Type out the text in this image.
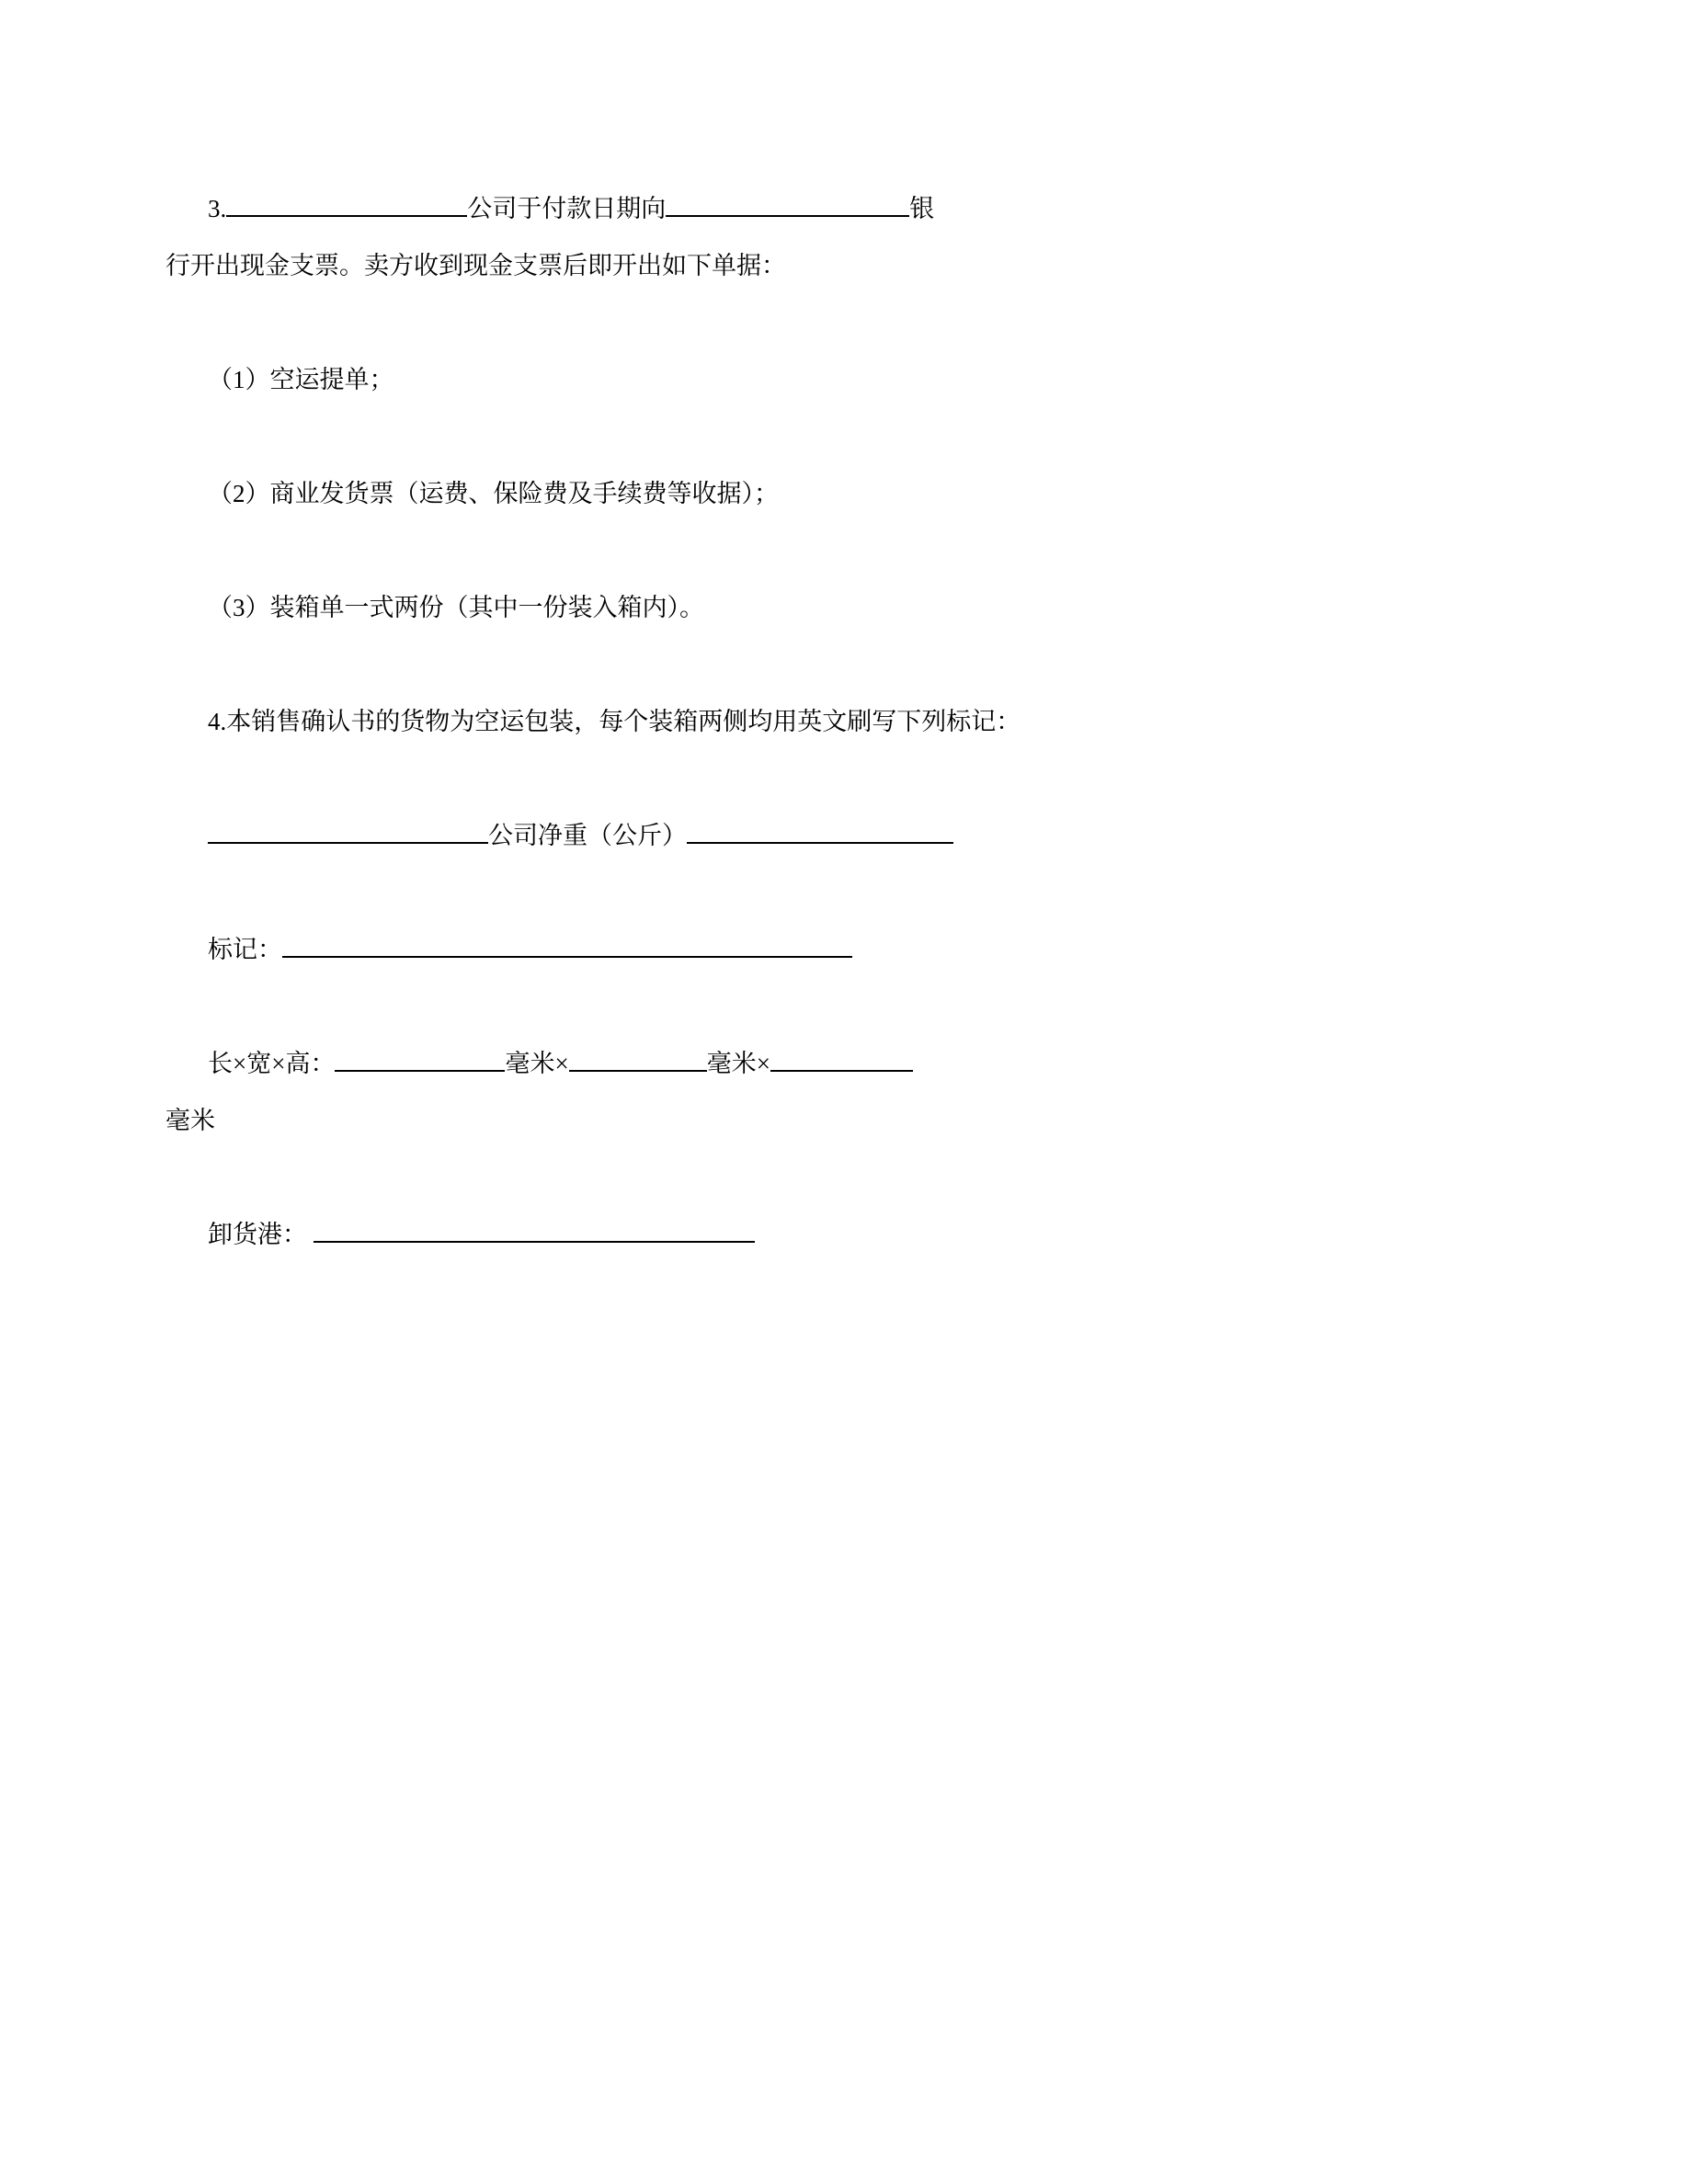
3.	公司于付款日期向	银
行开出现金支票。卖方收到现金支票后即开出如下单据：
（1）空运提单；
（2）商业发货票（运费、保险费及手续费等收据）；
（3）装箱单一式两份（其中一份装入箱内）。
4.本销售确认书的货物为空运包装，每个装箱两侧均用英文刷写下列标记：
公司净重（公斤）
标记：
长×宽×高：	毫米×	毫米×
毫米
卸货港：
